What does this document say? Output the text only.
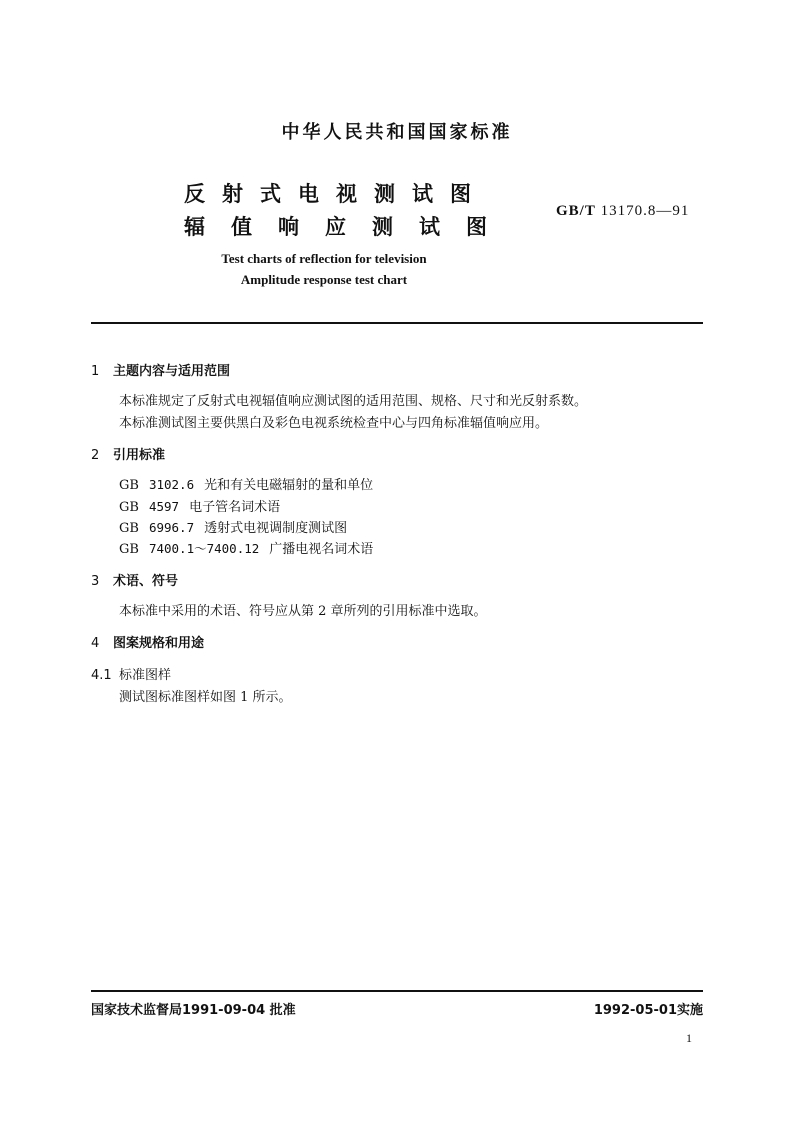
中华人民共和国国家标准
反射式电视测试图
辐值响应测试图
GB/T 13170.8—91
Test charts of reflection for television
Amplitude response test chart
1 主题内容与适用范围
本标准规定了反射式电视辐值响应测试图的适用范围、规格、尺寸和光反射系数。
本标准测试图主要供黑白及彩色电视系统检查中心与四角标准辐值响应用。
2 引用标准
GB 3102.6 光和有关电磁辐射的量和单位
GB 4597 电子管名词术语
GB 6996.7 透射式电视调制度测试图
GB 7400.1～7400.12 广播电视名词术语
3 术语、符号
本标准中采用的术语、符号应从第 2 章所列的引用标准中选取。
4 图案规格和用途
4.1 标准图样
测试图标准图样如图 1 所示。
国家技术监督局1991-09-04 批准	1992-05-01实施
1
